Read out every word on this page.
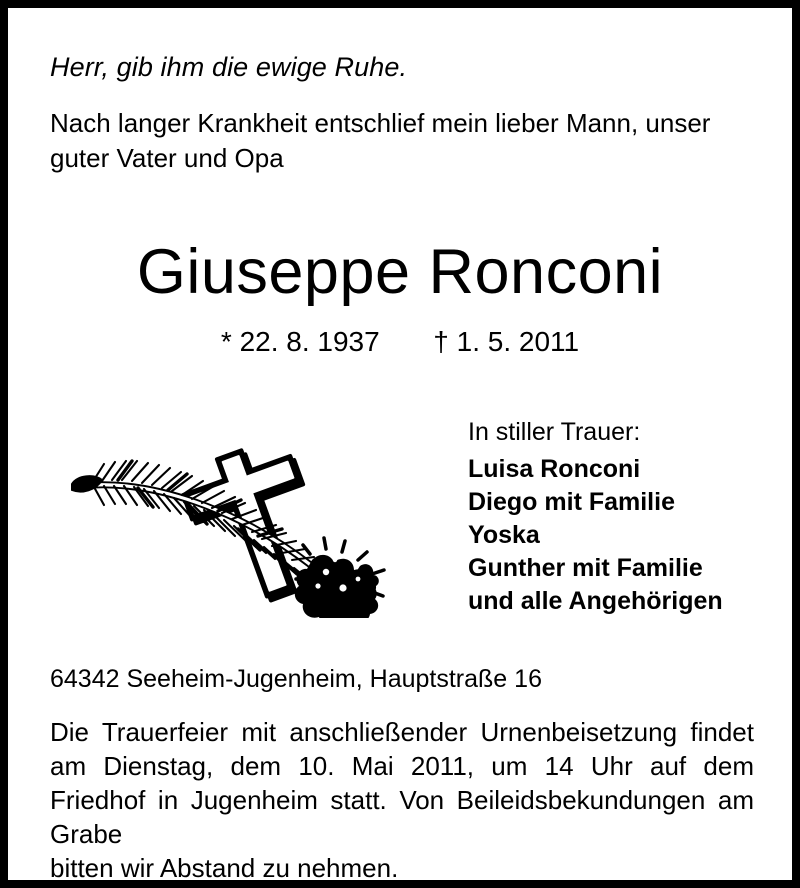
Herr, gib ihm die ewige Ruhe.
Nach langer Krankheit entschlief mein lieber Mann, unser guter Vater und Opa
Giuseppe Ronconi
* 22. 8. 1937 † 1. 5. 2011
In stiller Trauer:
Luisa Ronconi
Diego mit Familie
Yoska
Gunther mit Familie
und alle Angehörigen
64342 Seeheim-Jugenheim, Hauptstraße 16

Die Trauerfeier mit anschließender Urnenbeisetzung findet am Dienstag, dem 10. Mai 2011, um 14 Uhr auf dem Friedhof in Jugenheim statt. Von Beileidsbekundungen am Grabe

bitten wir Abstand zu nehmen.
